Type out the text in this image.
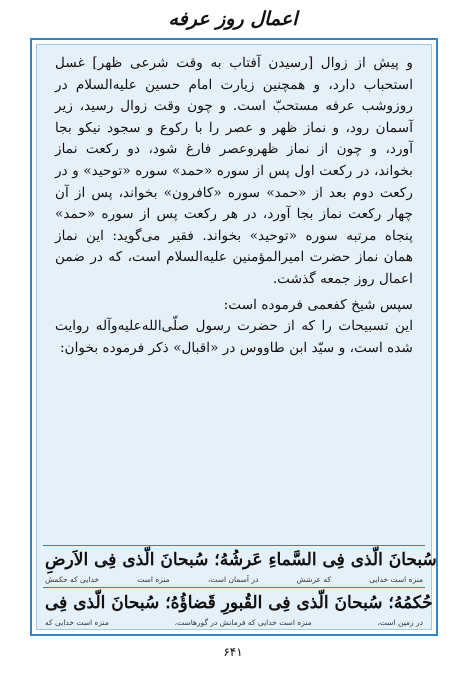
اعمال روز عرفه

و پیش از زوال [رسیدن آفتاب به وقت شرعی ظهر] غسل استحباب دارد، و همچنین زیارت امام حسین علیه‌السلام در روزوشب عرفه مستحبّ است. و چون وقت زوال رسید، زیر آسمان رود، و نماز ظهر و عصر را با رکوع و سجود نیکو بجا آورد، و چون از نماز ظهروعصر فارغ شود، دو رکعت نماز بخواند، در رکعت اول پس از سوره «حمد» سوره «توحید» و در رکعت دوم بعد از «حمد» سوره «کافرون» بخواند، پس از آن چهار رکعت نماز بجا آورد، در هر رکعت پس از سوره «حمد» پنجاه مرتبه سوره «توحید» بخواند. فقیر می‌گوید: این نماز همان نماز حضرت امیرالمؤمنین علیه‌السلام است، که در ضمن اعمال روز جمعه گذشت.

سپس شیخ کفعمی فرموده است:
این تسبیحات را که از حضرت رسول صلّی‌الله‌علیه‌وآله روایت شده است، و سیّد ابن طاووس در «اقبال» ذکر فرموده بخوان:

سُبحانَ الّذی فِی السَّماءِ عَرشُهُ؛ سُبحانَ الّذی فِی الاَرضِ
منزه است خدایی
که عرشش
در آسمان است،
منزه است
خدایی که حکمش
حُکمُهُ؛ سُبحانَ الّذی فِی القُبورِ قَضاؤُهُ؛ سُبحانَ الّذی فِی
در زمین است،
منزه است خدایی که فرمانش در گورهاست،
منزه است خدایی که
۶۴۱
